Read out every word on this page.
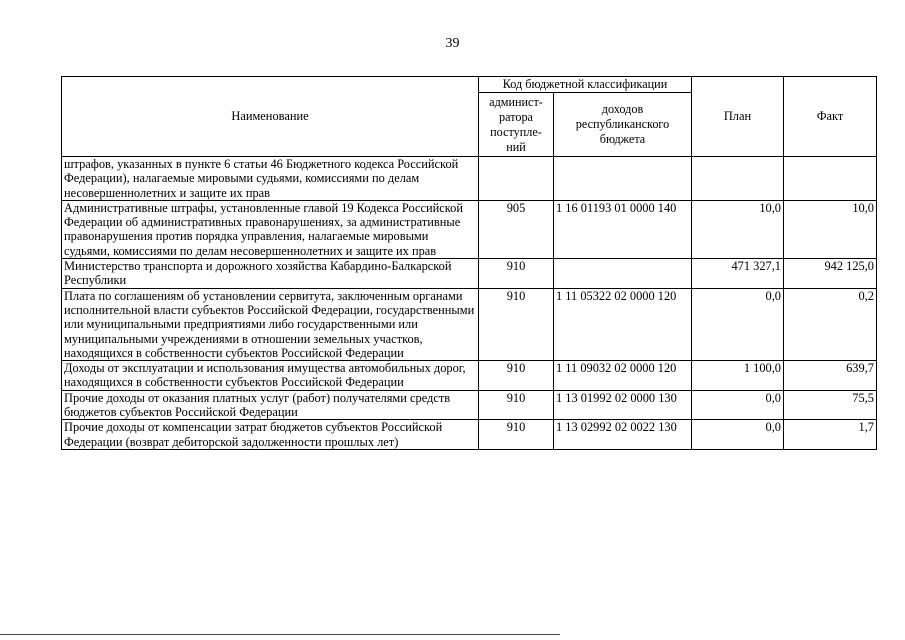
39
Наименование	Код бюджетной классификации		План	Факт
	админист-ратора поступле-ний	доходов республиканского бюджета		
штрафов, указанных в пункте 6 статьи 46 Бюджетного кодекса Российской Федерации), налагаемые мировыми судьями, комиссиями по делам несовершеннолетних и защите их прав				
Административные штрафы, установленные главой 19 Кодекса Российской Федерации об административных правонарушениях, за административные правонарушения против порядка управления, налагаемые мировыми судьями, комиссиями по делам несовершеннолетних и защите их прав	905	1 16 01193 01 0000 140	10,0	10,0
Министерство транспорта и дорожного хозяйства Кабардино-Балкарской Республики	910		471 327,1	942 125,0
Плата по соглашениям об установлении сервитута, заключенным органами исполнительной власти субъектов Российской Федерации, государственными или муниципальными предприятиями либо государственными или муниципальными учреждениями в отношении земельных участков, находящихся в собственности субъектов Российской Федерации	910	1 11 05322 02 0000 120	0,0	0,2
Доходы от эксплуатации и использования имущества автомобильных дорог, находящихся в собственности субъектов Российской Федерации	910	1 11 09032 02 0000 120	1 100,0	639,7
Прочие доходы от оказания платных услуг (работ) получателями средств бюджетов субъектов Российской Федерации	910	1 13 01992 02 0000 130	0,0	75,5
Прочие доходы от компенсации затрат бюджетов субъектов Российской Федерации (возврат дебиторской задолженности прошлых лет)	910	1 13 02992 02 0022 130	0,0	1,7
